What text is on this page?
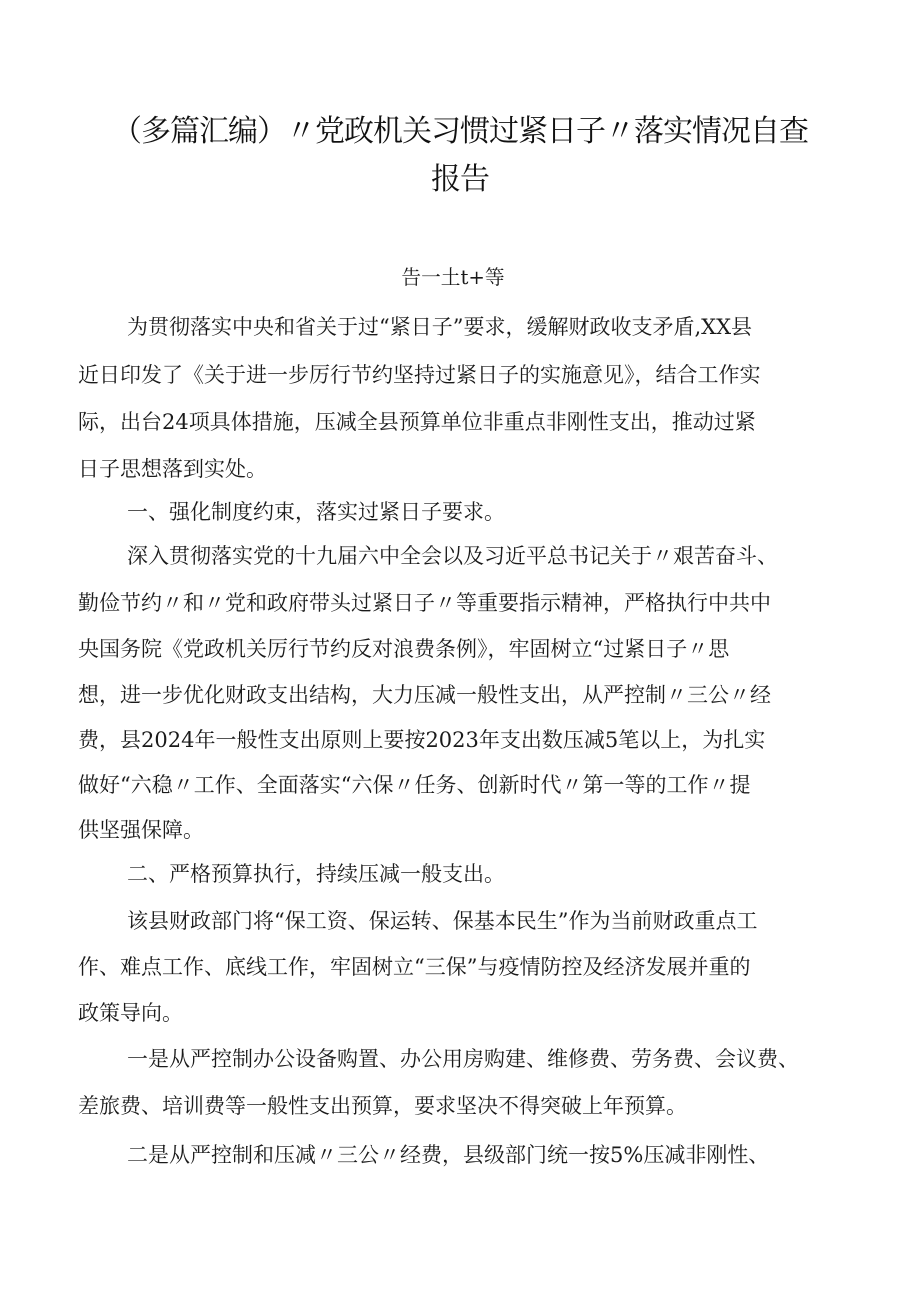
（多篇汇编）〃党政机关习惯过紧日子〃落实情况自查
报告
告一土t+等
为贯彻落实中央和省关于过“紧日子”要求，缓解财政收支矛盾,XX县
近日印发了《关于进一步厉行节约坚持过紧日子的实施意见》，结合工作实
际，出台24项具体措施，压减全县预算单位非重点非刚性支出，推动过紧
日子思想落到实处。
一、强化制度约束，落实过紧日子要求。
深入贯彻落实党的十九届六中全会以及习近平总书记关于〃艰苦奋斗、
勤俭节约〃和〃党和政府带头过紧日子〃等重要指示精神，严格执行中共中
央国务院《党政机关厉行节约反对浪费条例》，牢固树立“过紧日子〃思
想，进一步优化财政支出结构，大力压减一般性支出，从严控制〃三公〃经
费，县2024年一般性支出原则上要按2023年支出数压减5笔以上，为扎实
做好“六稳〃工作、全面落实“六保〃任务、创新时代〃第一等的工作〃提
供坚强保障。
二、严格预算执行，持续压减一般支出。
该县财政部门将“保工资、保运转、保基本民生”作为当前财政重点工
作、难点工作、底线工作，牢固树立“三保”与疫情防控及经济发展并重的
政策导向。
一是从严控制办公设备购置、办公用房购建、维修费、劳务费、会议费、
差旅费、培训费等一般性支出预算，要求坚决不得突破上年预算。
二是从严控制和压减〃三公〃经费，县级部门统一按5%压减非刚性、
